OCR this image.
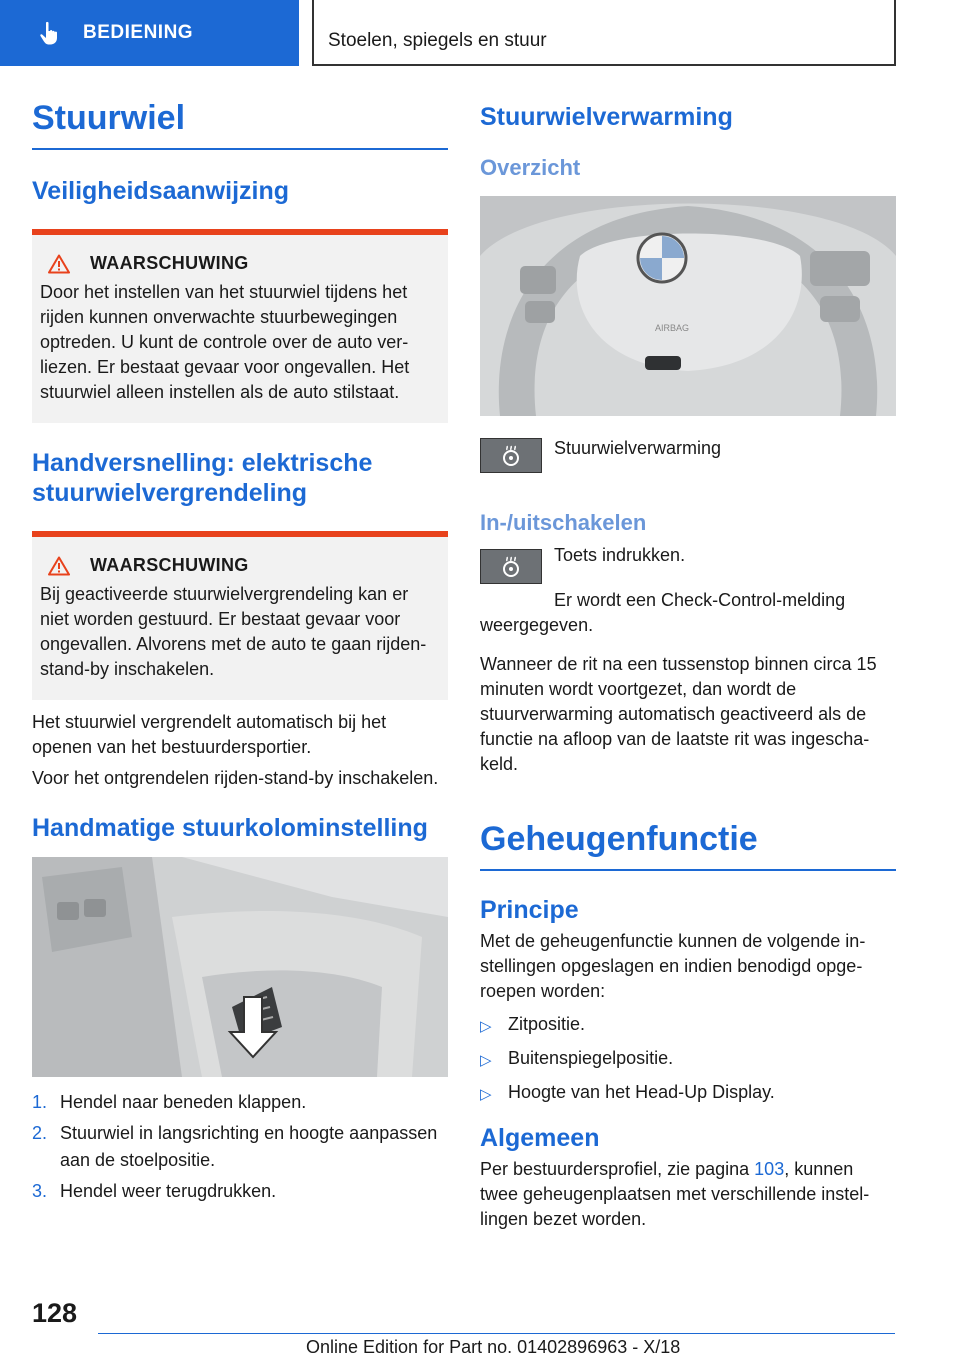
BEDIENING	Stoelen, spiegels en stuur
Stuurwiel
Veiligheidsaanwijzing
WAARSCHUWING

Door het instellen van het stuurwiel tijdens het rijden kunnen onverwachte stuurbewegingen optreden. U kunt de controle over de auto verliezen. Er bestaat gevaar voor ongevallen. Het stuurwiel alleen instellen als de auto stilstaat.

Handversnelling: elektrische stuurwielvergrendeling
WAARSCHUWING

Bij geactiveerde stuurwielvergrendeling kan er niet worden gestuurd. Er bestaat gevaar voor ongevallen. Alvorens met de auto te gaan rijden-stand-by inschakelen.

Het stuurwiel vergrendelt automatisch bij het openen van het bestuurdersportier.

Voor het ontgrendelen rijden-stand-by inschakelen.

Handmatige stuurkolominstelling
1. Hendel naar beneden klappen.
2. Stuurwiel in langsrichting en hoogte aanpassen aan de stoelpositie.
3. Hendel weer terugdrukken.
Stuurwielverwarming
Overzicht
AIRBAG

Stuurwielverwarming

In-/uitschakelen

Toets indrukken.

Er wordt een Check-Control-melding weergegeven.

Wanneer de rit na een tussenstop binnen circa 15 minuten wordt voortgezet, dan wordt de stuurverwarming automatisch geactiveerd als de functie na afloop van de laatste rit was ingeschakeld.

Geheugenfunctie
Principe

Met de geheugenfunctie kunnen de volgende instellingen opgeslagen en indien benodigd opgeroepen worden:

▷ Zitpositie.
▷ Buitenspiegelpositie.
▷ Hoogte van het Head-Up Display.
Algemeen

Per bestuurdersprofiel, zie pagina 103, kunnen twee geheugenplaatsen met verschillende instellingen bezet worden.

128
Online Edition for Part no. 01402896963 - X/18
